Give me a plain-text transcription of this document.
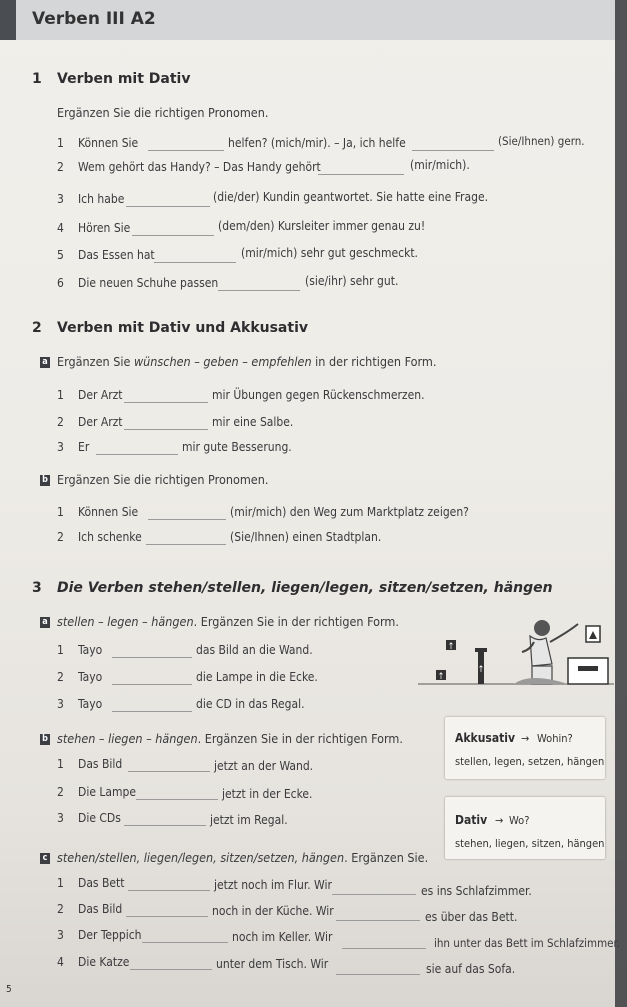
Verben III A2
1 Verben mit Dativ
Ergänzen Sie die richtigen Pronomen.
1 Können Sie	helfen? (mich/mir). – Ja, ich helfe	(Sie/Ihnen) gern.
2 Wem gehört das Handy? – Das Handy gehört	(mir/mich).
3 Ich habe	(die/der) Kundin geantwortet. Sie hatte eine Frage.
4 Hören Sie	(dem/den) Kursleiter immer genau zu!
5 Das Essen hat	(mir/mich) sehr gut geschmeckt.
6 Die neuen Schuhe passen	(sie/ihr) sehr gut.
2 Verben mit Dativ und Akkusativ
a Ergänzen Sie wünschen – geben – empfehlen in der richtigen Form.
1 Der Arzt	mir Übungen gegen Rückenschmerzen.
2 Der Arzt	mir eine Salbe.
3 Er	mir gute Besserung.
b Ergänzen Sie die richtigen Pronomen.
1 Können Sie	(mir/mich) den Weg zum Marktplatz zeigen?
2 Ich schenke	(Sie/Ihnen) einen Stadtplan.
3 Die Verben stehen/stellen, liegen/legen, sitzen/setzen, hängen
a stellen – legen – hängen. Ergänzen Sie in der richtigen Form.
1 Tayo	das Bild an die Wand.
2 Tayo	die Lampe in die Ecke.
3 Tayo	die CD in das Regal.
↑
↑
↑
b stehen – liegen – hängen. Ergänzen Sie in der richtigen Form.
1 Das Bild	jetzt an der Wand.
2 Die Lampe	jetzt in der Ecke.
3 Die CDs	jetzt im Regal.
Akkusativ → Wohin?
stellen, legen, setzen, hängen
Dativ → Wo?
stehen, liegen, sitzen, hängen
c stehen/stellen, liegen/legen, sitzen/setzen, hängen. Ergänzen Sie.
1 Das Bett	jetzt noch im Flur. Wir	es ins Schlafzimmer.
2 Das Bild	noch in der Küche. Wir	es über das Bett.
3 Der Teppich	noch im Keller. Wir	ihn unter das Bett im Schlafzimmer.
4 Die Katze	unter dem Tisch. Wir	sie auf das Sofa.
5
